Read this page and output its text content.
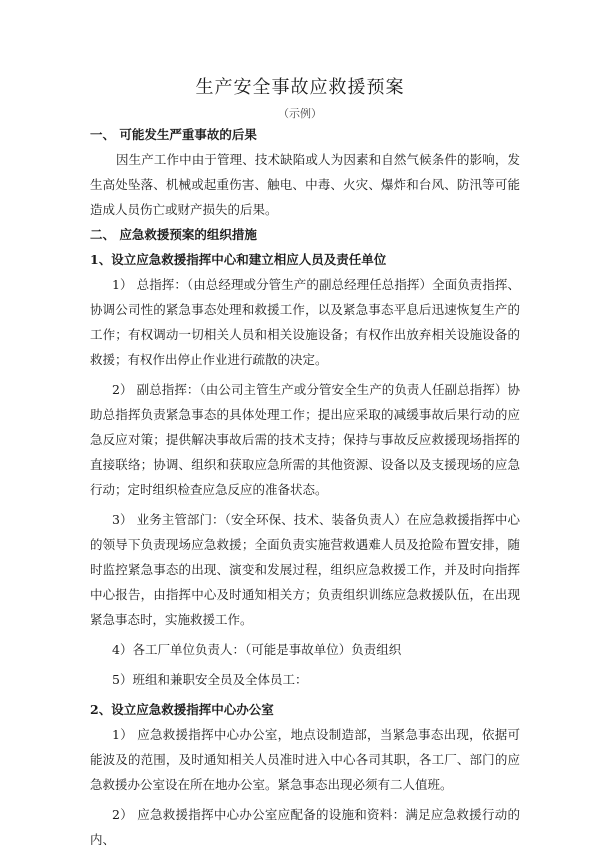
生产安全事故应救援预案
（示例）

一、 可能发生严重事故的后果

因生产工作中由于管理、技术缺陷或人为因素和自然气候条件的影响，发生高处坠落、机械或起重伤害、触电、中毒、火灾、爆炸和台风、防汛等可能造成人员伤亡或财产损失的后果。

二、 应急救援预案的组织措施

1、设立应急救援指挥中心和建立相应人员及责任单位

1） 总指挥：（由总经理或分管生产的副总经理任总指挥）全面负责指挥、协调公司性的紧急事态处理和救援工作，以及紧急事态平息后迅速恢复生产的工作；有权调动一切相关人员和相关设施设备；有权作出放弃相关设施设备的救援；有权作出停止作业进行疏散的决定。

2） 副总指挥：（由公司主管生产或分管安全生产的负责人任副总指挥）协助总指挥负责紧急事态的具体处理工作；提出应采取的减缓事故后果行动的应急反应对策；提供解决事故后需的技术支持；保持与事故反应救援现场指挥的直接联络；协调、组织和获取应急所需的其他资源、设备以及支援现场的应急行动；定时组织检查应急反应的准备状态。

3） 业务主管部门：（安全环保、技术、装备负责人）在应急救援指挥中心的领导下负责现场应急救援；全面负责实施营救遇难人员及抢险布置安排，随时监控紧急事态的出现、演变和发展过程，组织应急救援工作，并及时向指挥中心报告，由指挥中心及时通知相关方；负责组织训练应急救援队伍，在出现紧急事态时，实施救援工作。

4）各工厂单位负责人：（可能是事故单位）负责组织

5）班组和兼职安全员及全体员工：

2、设立应急救援指挥中心办公室

1） 应急救援指挥中心办公室，地点设制造部，当紧急事态出现，依据可能波及的范围，及时通知相关人员准时进入中心各司其职，各工厂、部门的应急救援办公室设在所在地办公室。紧急事态出现必须有二人值班。

2） 应急救援指挥中心办公室应配备的设施和资料：满足应急救援行动的内、
